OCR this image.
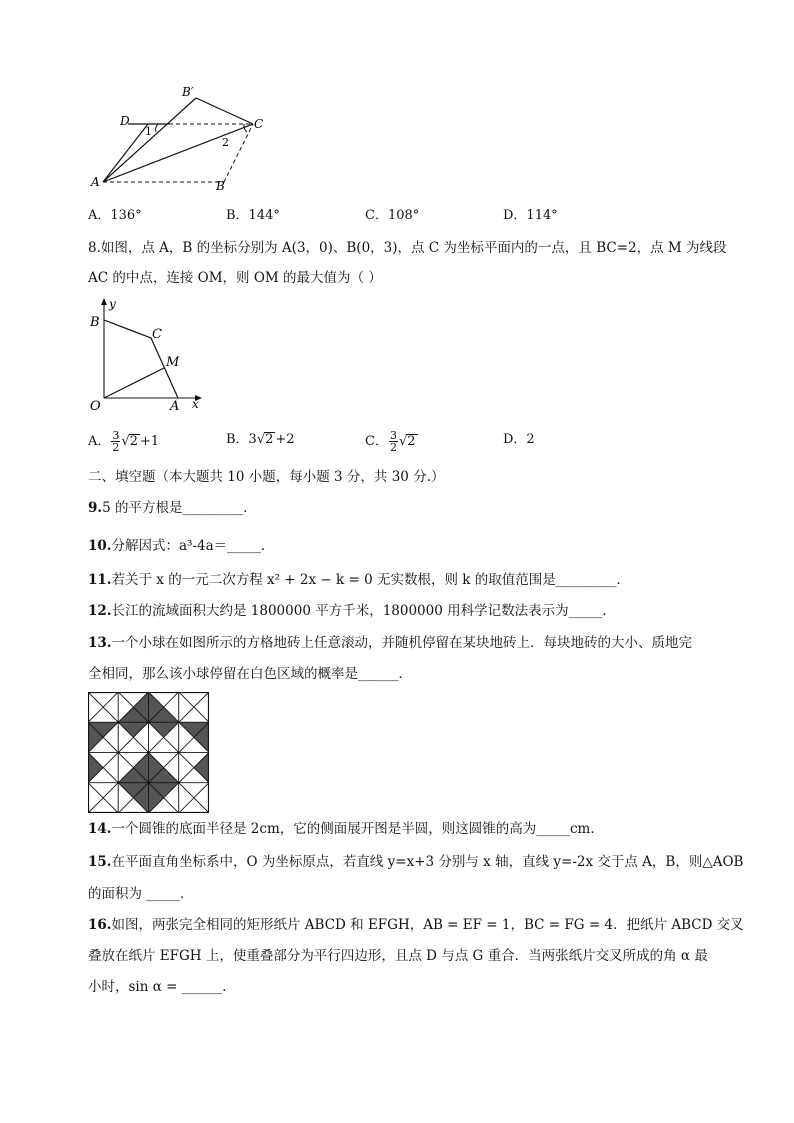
B′
D
1
C
2
A	B
A．136°	B．144°	C．108°	D．114°
8.如图，点 A，B 的坐标分别为 A(3，0)、B(0，3)，点 C 为坐标平面内的一点，且 BC=2，点 M 为线段
AC 的中点，连接 OM，则 OM 的最大值为（ ）
y
B
C
M
O	A x
A． $\frac{3}{2} √2 +1$	B．3√2 +2	C． $\frac{3}{2} √2$	D．2
二、填空题（本大题共 10 小题，每小题 3 分，共 30 分.）
9.5 的平方根是_________．
10.分解因式：a³-4a＝_____．
11.若关于 x 的一元二次方程 x² + 2x − k = 0 无实数根，则 k 的取值范围是_________．
12.长江的流域面积大约是 1800000 平方千米，1800000 用科学记数法表示为_____．
13.一个小球在如图所示的方格地砖上任意滚动，并随机停留在某块地砖上．每块地砖的大小、质地完
全相同，那么该小球停留在白色区域的概率是______．
14.一个圆锥的底面半径是 2cm，它的侧面展开图是半圆，则这圆锥的高为_____cm．
15.在平面直角坐标系中，O 为坐标原点，若直线 y=x+3 分别与 x 轴，直线 y=-2x 交于点 A，B，则△AOB
的面积为 _____．
16.如图，两张完全相同的矩形纸片 ABCD 和 EFGH，AB = EF = 1，BC = FG = 4．把纸片 ABCD 交叉
叠放在纸片 EFGH 上，使重叠部分为平行四边形，且点 D 与点 G 重合．当两张纸片交叉所成的角 α 最
小时，sin α = ______．
